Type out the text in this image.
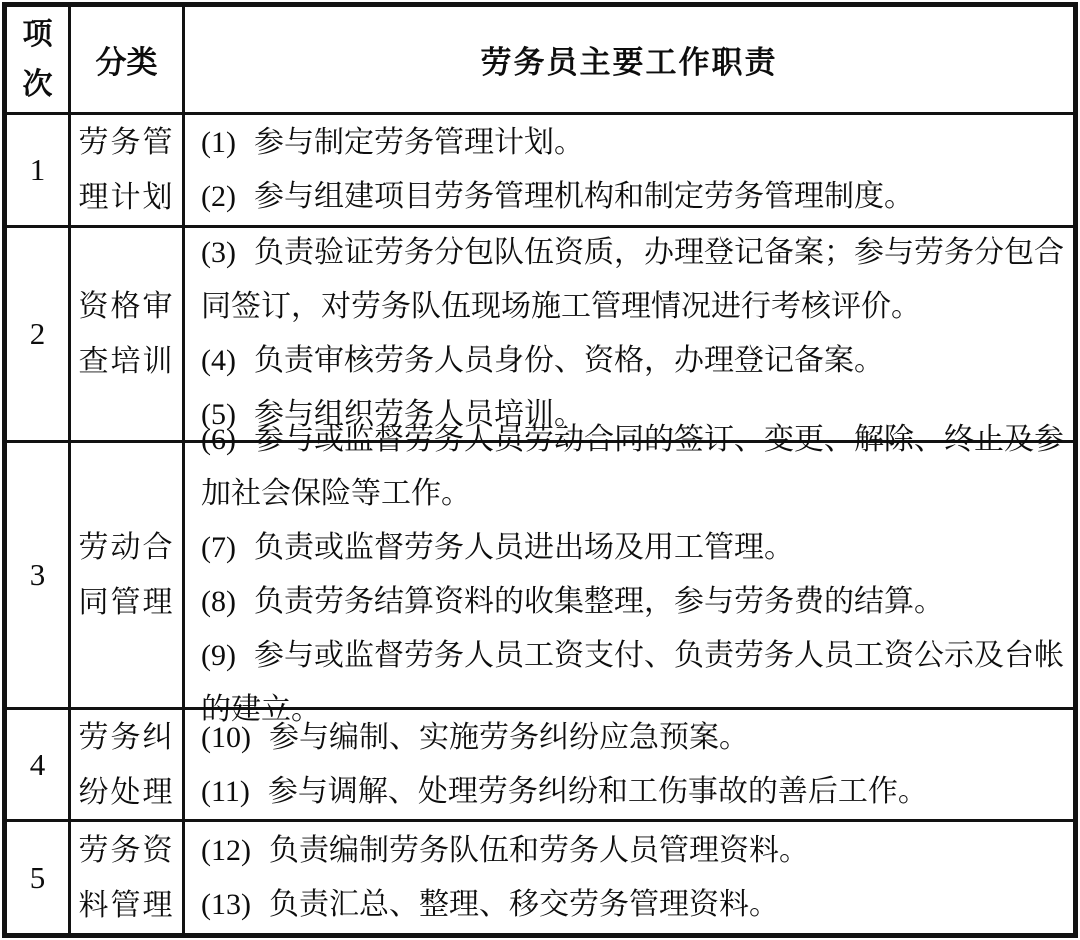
项
次
分类	劳务员主要工作职责
1
劳务管
理计划

(1) 参与制定劳务管理计划。

(2) 参与组建项目劳务管理机构和制定劳务管理制度。

2
资格审
查培训

(3) 负责验证劳务分包队伍资质，办理登记备案；参与劳务分包合同签订，对劳务队伍现场施工管理情况进行考核评价。

(4) 负责审核劳务人员身份、资格，办理登记备案。

(5) 参与组织劳务人员培训。

3
劳动合
同管理

(6) 参与或监督劳务人员劳动合同的签订、变更、解除、终止及参加社会保险等工作。

(7) 负责或监督劳务人员进出场及用工管理。

(8) 负责劳务结算资料的收集整理，参与劳务费的结算。

(9) 参与或监督劳务人员工资支付、负责劳务人员工资公示及台帐的建立。

4
劳务纠
纷处理

(10) 参与编制、实施劳务纠纷应急预案。

(11) 参与调解、处理劳务纠纷和工伤事故的善后工作。

5
劳务资
料管理

(12) 负责编制劳务队伍和劳务人员管理资料。

(13) 负责汇总、整理、移交劳务管理资料。
